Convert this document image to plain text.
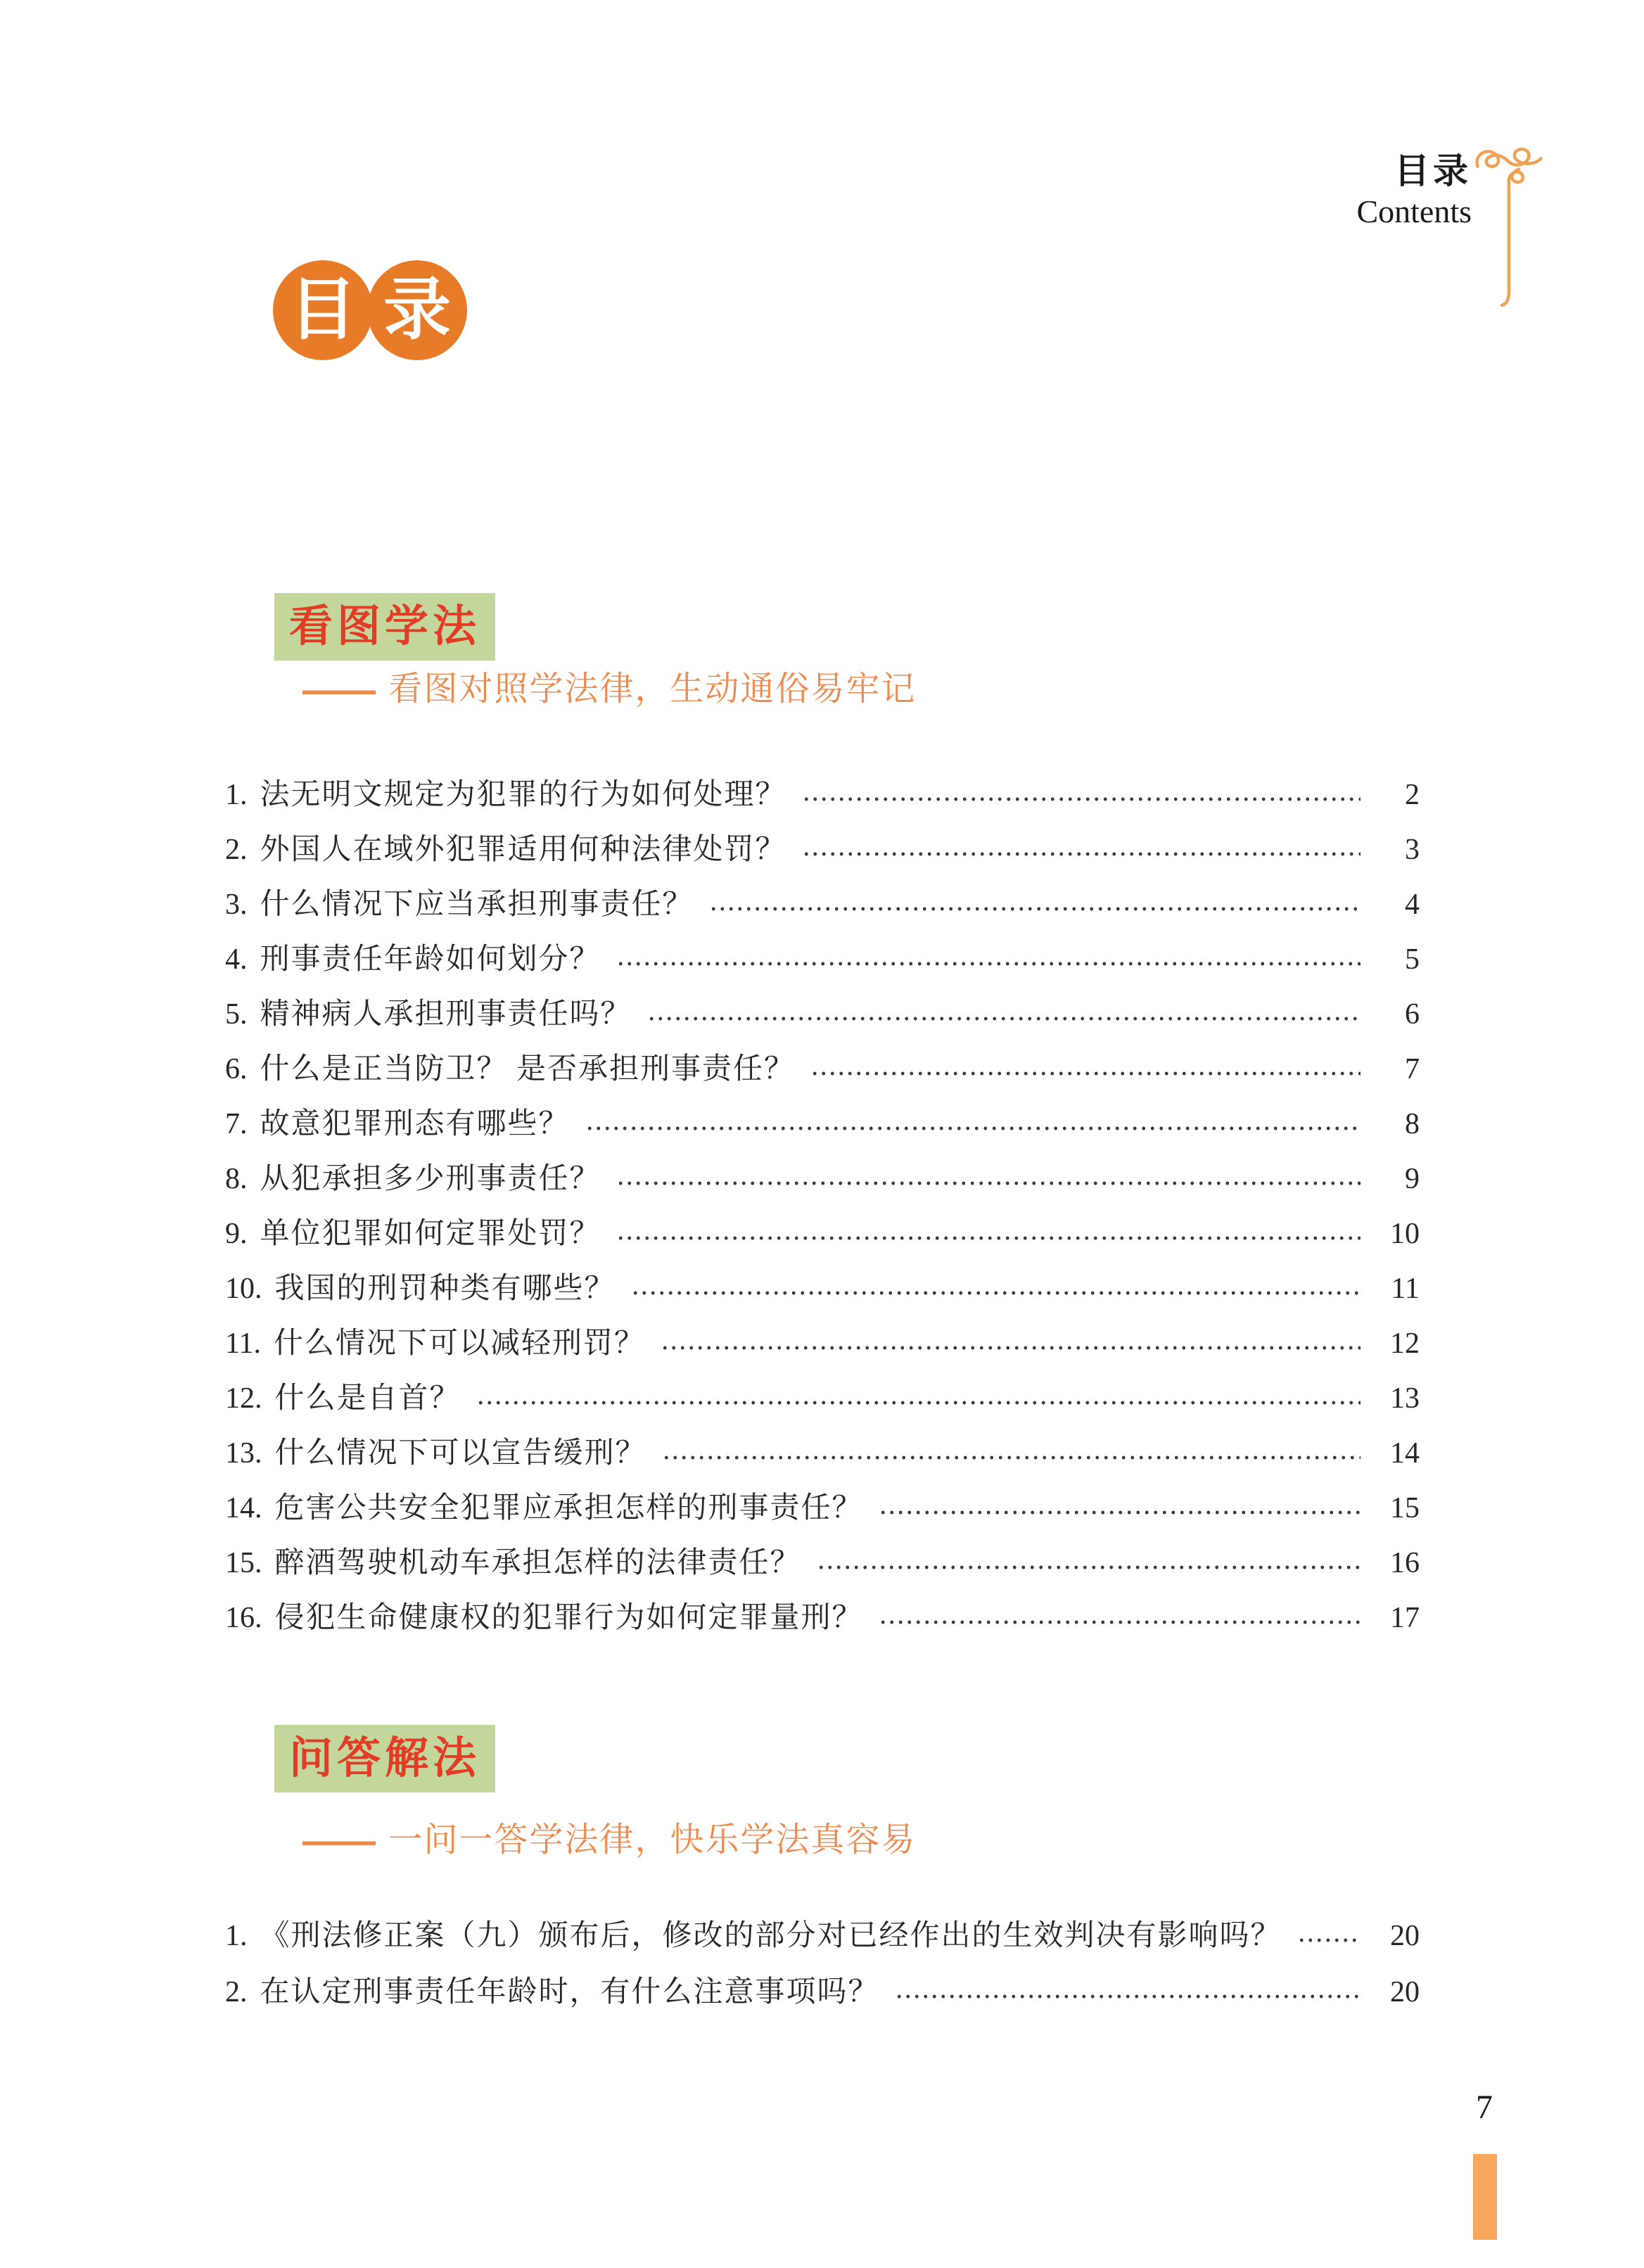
目录
Contents
目 录
看图学法
—— 看图对照学法律，生动通俗易牢记
1. 法无明文规定为犯罪的行为如何处理？	2
2. 外国人在域外犯罪适用何种法律处罚？	3
3. 什么情况下应当承担刑事责任？	4
4. 刑事责任年龄如何划分？	5
5. 精神病人承担刑事责任吗？	6
6. 什么是正当防卫？ 是否承担刑事责任？	7
7. 故意犯罪刑态有哪些？	8
8. 从犯承担多少刑事责任？	9
9. 单位犯罪如何定罪处罚？	10
10. 我国的刑罚种类有哪些？	11
11. 什么情况下可以减轻刑罚？	12
12. 什么是自首？	13
13. 什么情况下可以宣告缓刑？	14
14. 危害公共安全犯罪应承担怎样的刑事责任？	15
15. 醉酒驾驶机动车承担怎样的法律责任？	16
16. 侵犯生命健康权的犯罪行为如何定罪量刑？	17
问答解法
—— 一问一答学法律，快乐学法真容易
1. 《刑法修正案（九）颁布后，修改的部分对已经作出的生效判决有影响吗？	20
2. 在认定刑事责任年龄时，有什么注意事项吗？	20
7
